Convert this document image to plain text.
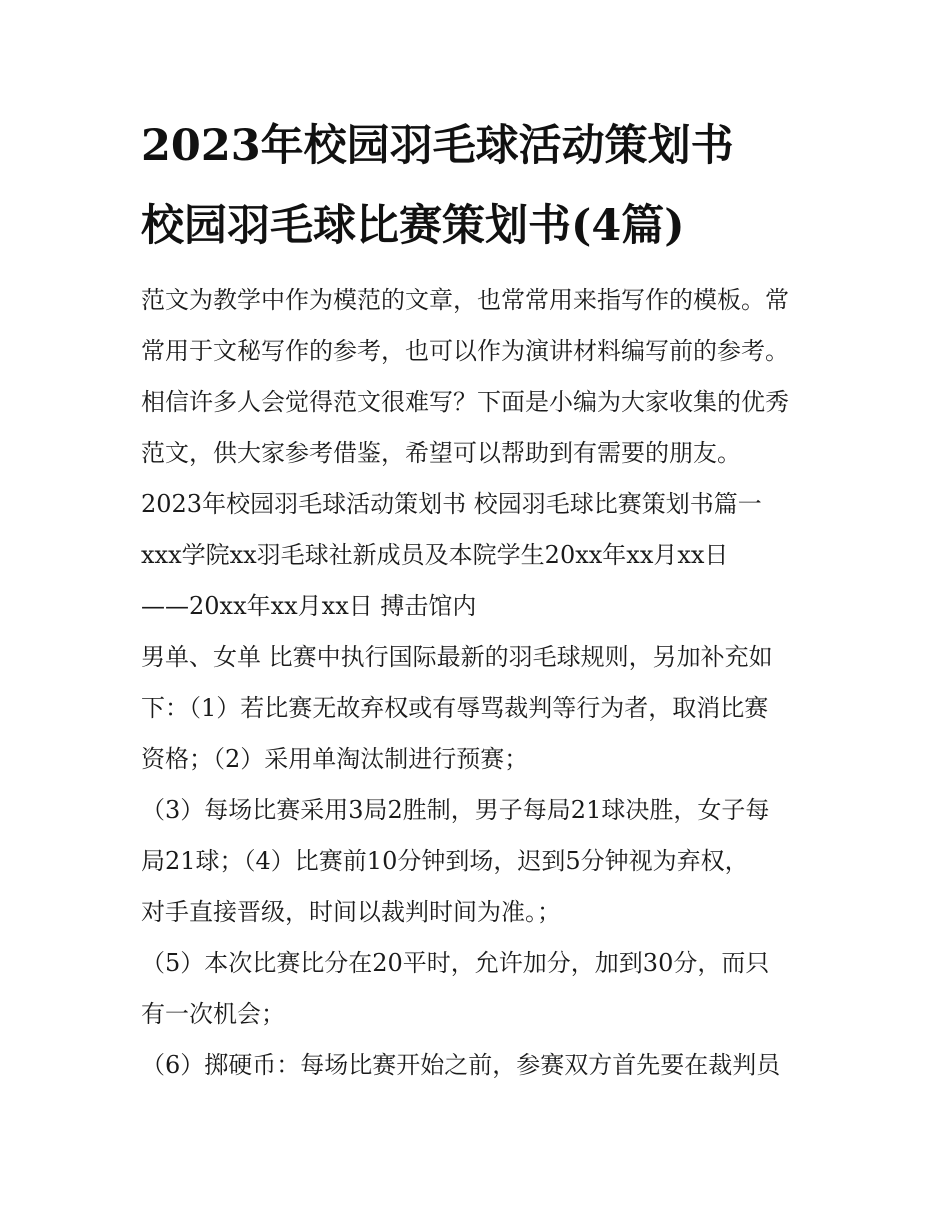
2023年校园羽毛球活动策划书
校园羽毛球比赛策划书(4篇)
范文为教学中作为模范的文章，也常常用来指写作的模板。常
常用于文秘写作的参考，也可以作为演讲材料编写前的参考。
相信许多人会觉得范文很难写？下面是小编为大家收集的优秀
范文，供大家参考借鉴，希望可以帮助到有需要的朋友。
2023年校园羽毛球活动策划书 校园羽毛球比赛策划书篇一
xxx学院xx羽毛球社新成员及本院学生20xx年xx月xx日
——20xx年xx月xx日 搏击馆内
男单、女单 比赛中执行国际最新的羽毛球规则，另加补充如
下：（1）若比赛无故弃权或有辱骂裁判等行为者，取消比赛
资格；（2）采用单淘汰制进行预赛；
（3）每场比赛采用3局2胜制，男子每局21球决胜，女子每
局21球；（4）比赛前10分钟到场，迟到5分钟视为弃权，
对手直接晋级，时间以裁判时间为准。；
（5）本次比赛比分在20平时，允许加分，加到30分，而只
有一次机会；
（6）掷硬币：每场比赛开始之前，参赛双方首先要在裁判员
